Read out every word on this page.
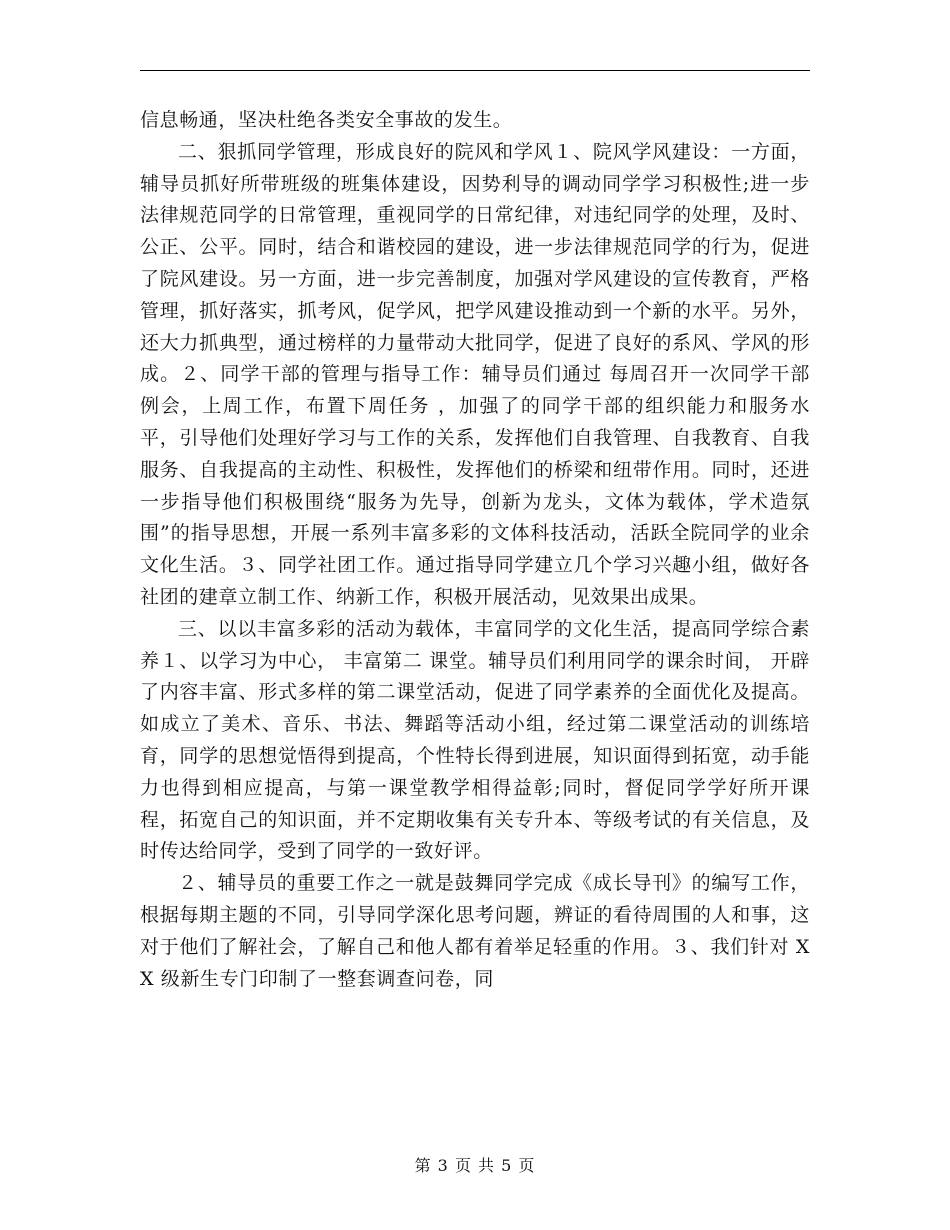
信息畅通，坚决杜绝各类安全事故的发生。

二、狠抓同学管理，形成良好的院风和学风１、院风学风建设：一方面，辅导员抓好所带班级的班集体建设，因势利导的调动同学学习积极性;进一步法律规范同学的日常管理，重视同学的日常纪律，对违纪同学的处理，及时、公正、公平。同时，结合和谐校园的建设，进一步法律规范同学的行为，促进了院风建设。另一方面，进一步完善制度，加强对学风建设的宣传教育，严格管理，抓好落实，抓考风，促学风，把学风建设推动到一个新的水平。另外，还大力抓典型，通过榜样的力量带动大批同学，促进了良好的系风、学风的形成。２、同学干部的管理与指导工作：辅导员们通过 每周召开一次同学干部例会，上周工作，布置下周任务 ，加强了的同学干部的组织能力和服务水平，引导他们处理好学习与工作的关系，发挥他们自我管理、自我教育、自我服务、自我提高的主动性、积极性，发挥他们的桥梁和纽带作用。同时，还进一步指导他们积极围绕“服务为先导，创新为龙头，文体为载体，学术造氛围”的指导思想，开展一系列丰富多彩的文体科技活动，活跃全院同学的业余文化生活。３、同学社团工作。通过指导同学建立几个学习兴趣小组，做好各社团的建章立制工作、纳新工作，积极开展活动，见效果出成果。

三、以以丰富多彩的活动为载体，丰富同学的文化生活，提高同学综合素养１、以学习为中心， 丰富第二 课堂。辅导员们利用同学的课余时间， 开辟了内容丰富、形式多样的第二课堂活动，促进了同学素养的全面优化及提高。如成立了美术、音乐、书法、舞蹈等活动小组，经过第二课堂活动的训练培育，同学的思想觉悟得到提高，个性特长得到进展，知识面得到拓宽，动手能力也得到相应提高，与第一课堂教学相得益彰;同时，督促同学学好所开课程，拓宽自己的知识面，并不定期收集有关专升本、等级考试的有关信息，及时传达给同学，受到了同学的一致好评。

２、辅导员的重要工作之一就是鼓舞同学完成《成长导刊》的编写工作，根据每期主题的不同，引导同学深化思考问题，辨证的看待周围的人和事，这对于他们了解社会，了解自己和他人都有着举足轻重的作用。３、我们针对 XX 级新生专门印制了一整套调查问卷，同

第 3 页 共 5 页
